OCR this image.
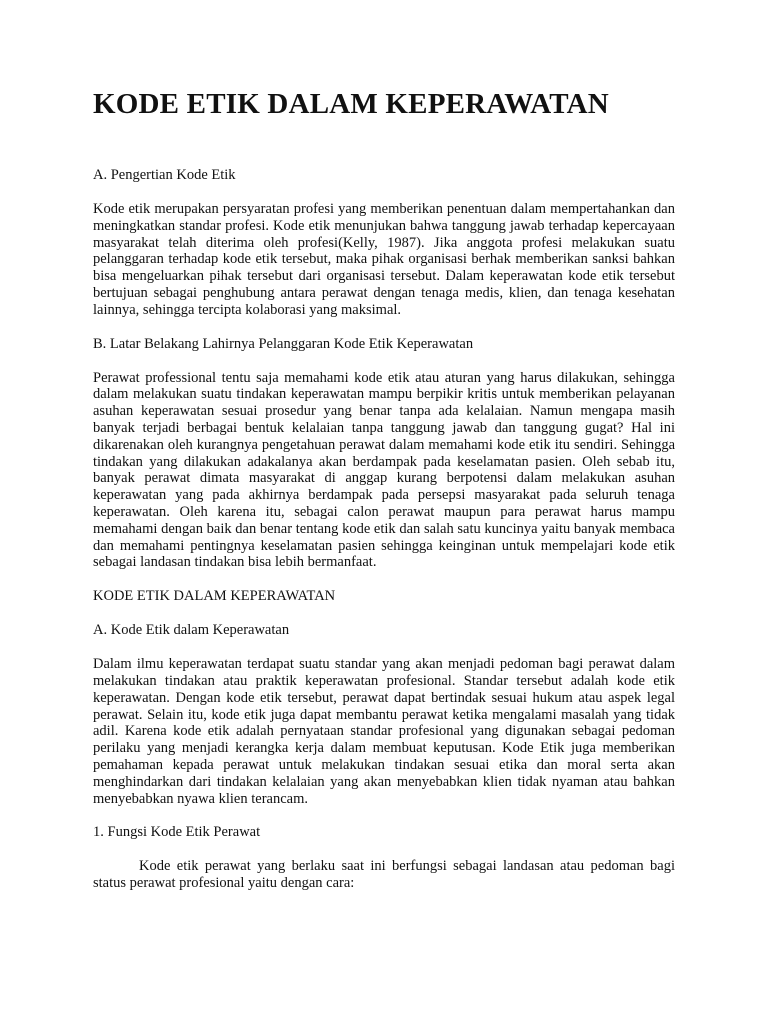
KODE ETIK DALAM KEPERAWATAN

A. Pengertian Kode Etik

Kode etik merupakan persyaratan profesi yang memberikan penentuan dalam mempertahankan dan meningkatkan standar profesi. Kode etik menunjukan bahwa tanggung jawab terhadap kepercayaan masyarakat telah diterima oleh profesi(Kelly, 1987). Jika anggota profesi melakukan suatu pelanggaran terhadap kode etik tersebut, maka pihak organisasi berhak memberikan sanksi bahkan bisa mengeluarkan pihak tersebut dari organisasi tersebut. Dalam keperawatan kode etik tersebut bertujuan sebagai penghubung antara perawat dengan tenaga medis, klien, dan tenaga kesehatan lainnya, sehingga tercipta kolaborasi yang maksimal.

B. Latar Belakang Lahirnya Pelanggaran Kode Etik Keperawatan

Perawat professional tentu saja memahami kode etik atau aturan yang harus dilakukan, sehingga dalam melakukan suatu tindakan keperawatan mampu berpikir kritis untuk memberikan pelayanan asuhan keperawatan sesuai prosedur yang benar tanpa ada kelalaian. Namun mengapa masih banyak terjadi berbagai bentuk kelalaian tanpa tanggung jawab dan tanggung gugat? Hal ini dikarenakan oleh kurangnya pengetahuan perawat dalam memahami kode etik itu sendiri. Sehingga tindakan yang dilakukan adakalanya akan berdampak pada keselamatan pasien. Oleh sebab itu, banyak perawat dimata masyarakat di anggap kurang berpotensi dalam melakukan asuhan keperawatan yang pada akhirnya berdampak pada persepsi masyarakat pada seluruh tenaga keperawatan. Oleh karena itu, sebagai calon perawat maupun para perawat harus mampu memahami dengan baik dan benar tentang kode etik dan salah satu kuncinya yaitu banyak membaca dan memahami pentingnya keselamatan pasien sehingga keinginan untuk mempelajari kode etik sebagai landasan tindakan bisa lebih bermanfaat.

KODE ETIK DALAM KEPERAWATAN

A. Kode Etik dalam Keperawatan

Dalam ilmu keperawatan terdapat suatu standar yang akan menjadi pedoman bagi perawat dalam melakukan tindakan atau praktik keperawatan profesional. Standar tersebut adalah kode etik keperawatan. Dengan kode etik tersebut, perawat dapat bertindak sesuai hukum atau aspek legal perawat. Selain itu, kode etik juga dapat membantu perawat ketika mengalami masalah yang tidak adil. Karena kode etik adalah pernyataan standar profesional yang digunakan sebagai pedoman perilaku yang menjadi kerangka kerja dalam membuat keputusan. Kode Etik juga memberikan pemahaman kepada perawat untuk melakukan tindakan sesuai etika dan moral serta akan menghindarkan dari tindakan kelalaian yang akan menyebabkan klien tidak nyaman atau bahkan menyebabkan nyawa klien terancam.

1. Fungsi Kode Etik Perawat

Kode etik perawat yang berlaku saat ini berfungsi sebagai landasan atau pedoman bagi status perawat profesional yaitu dengan cara:
